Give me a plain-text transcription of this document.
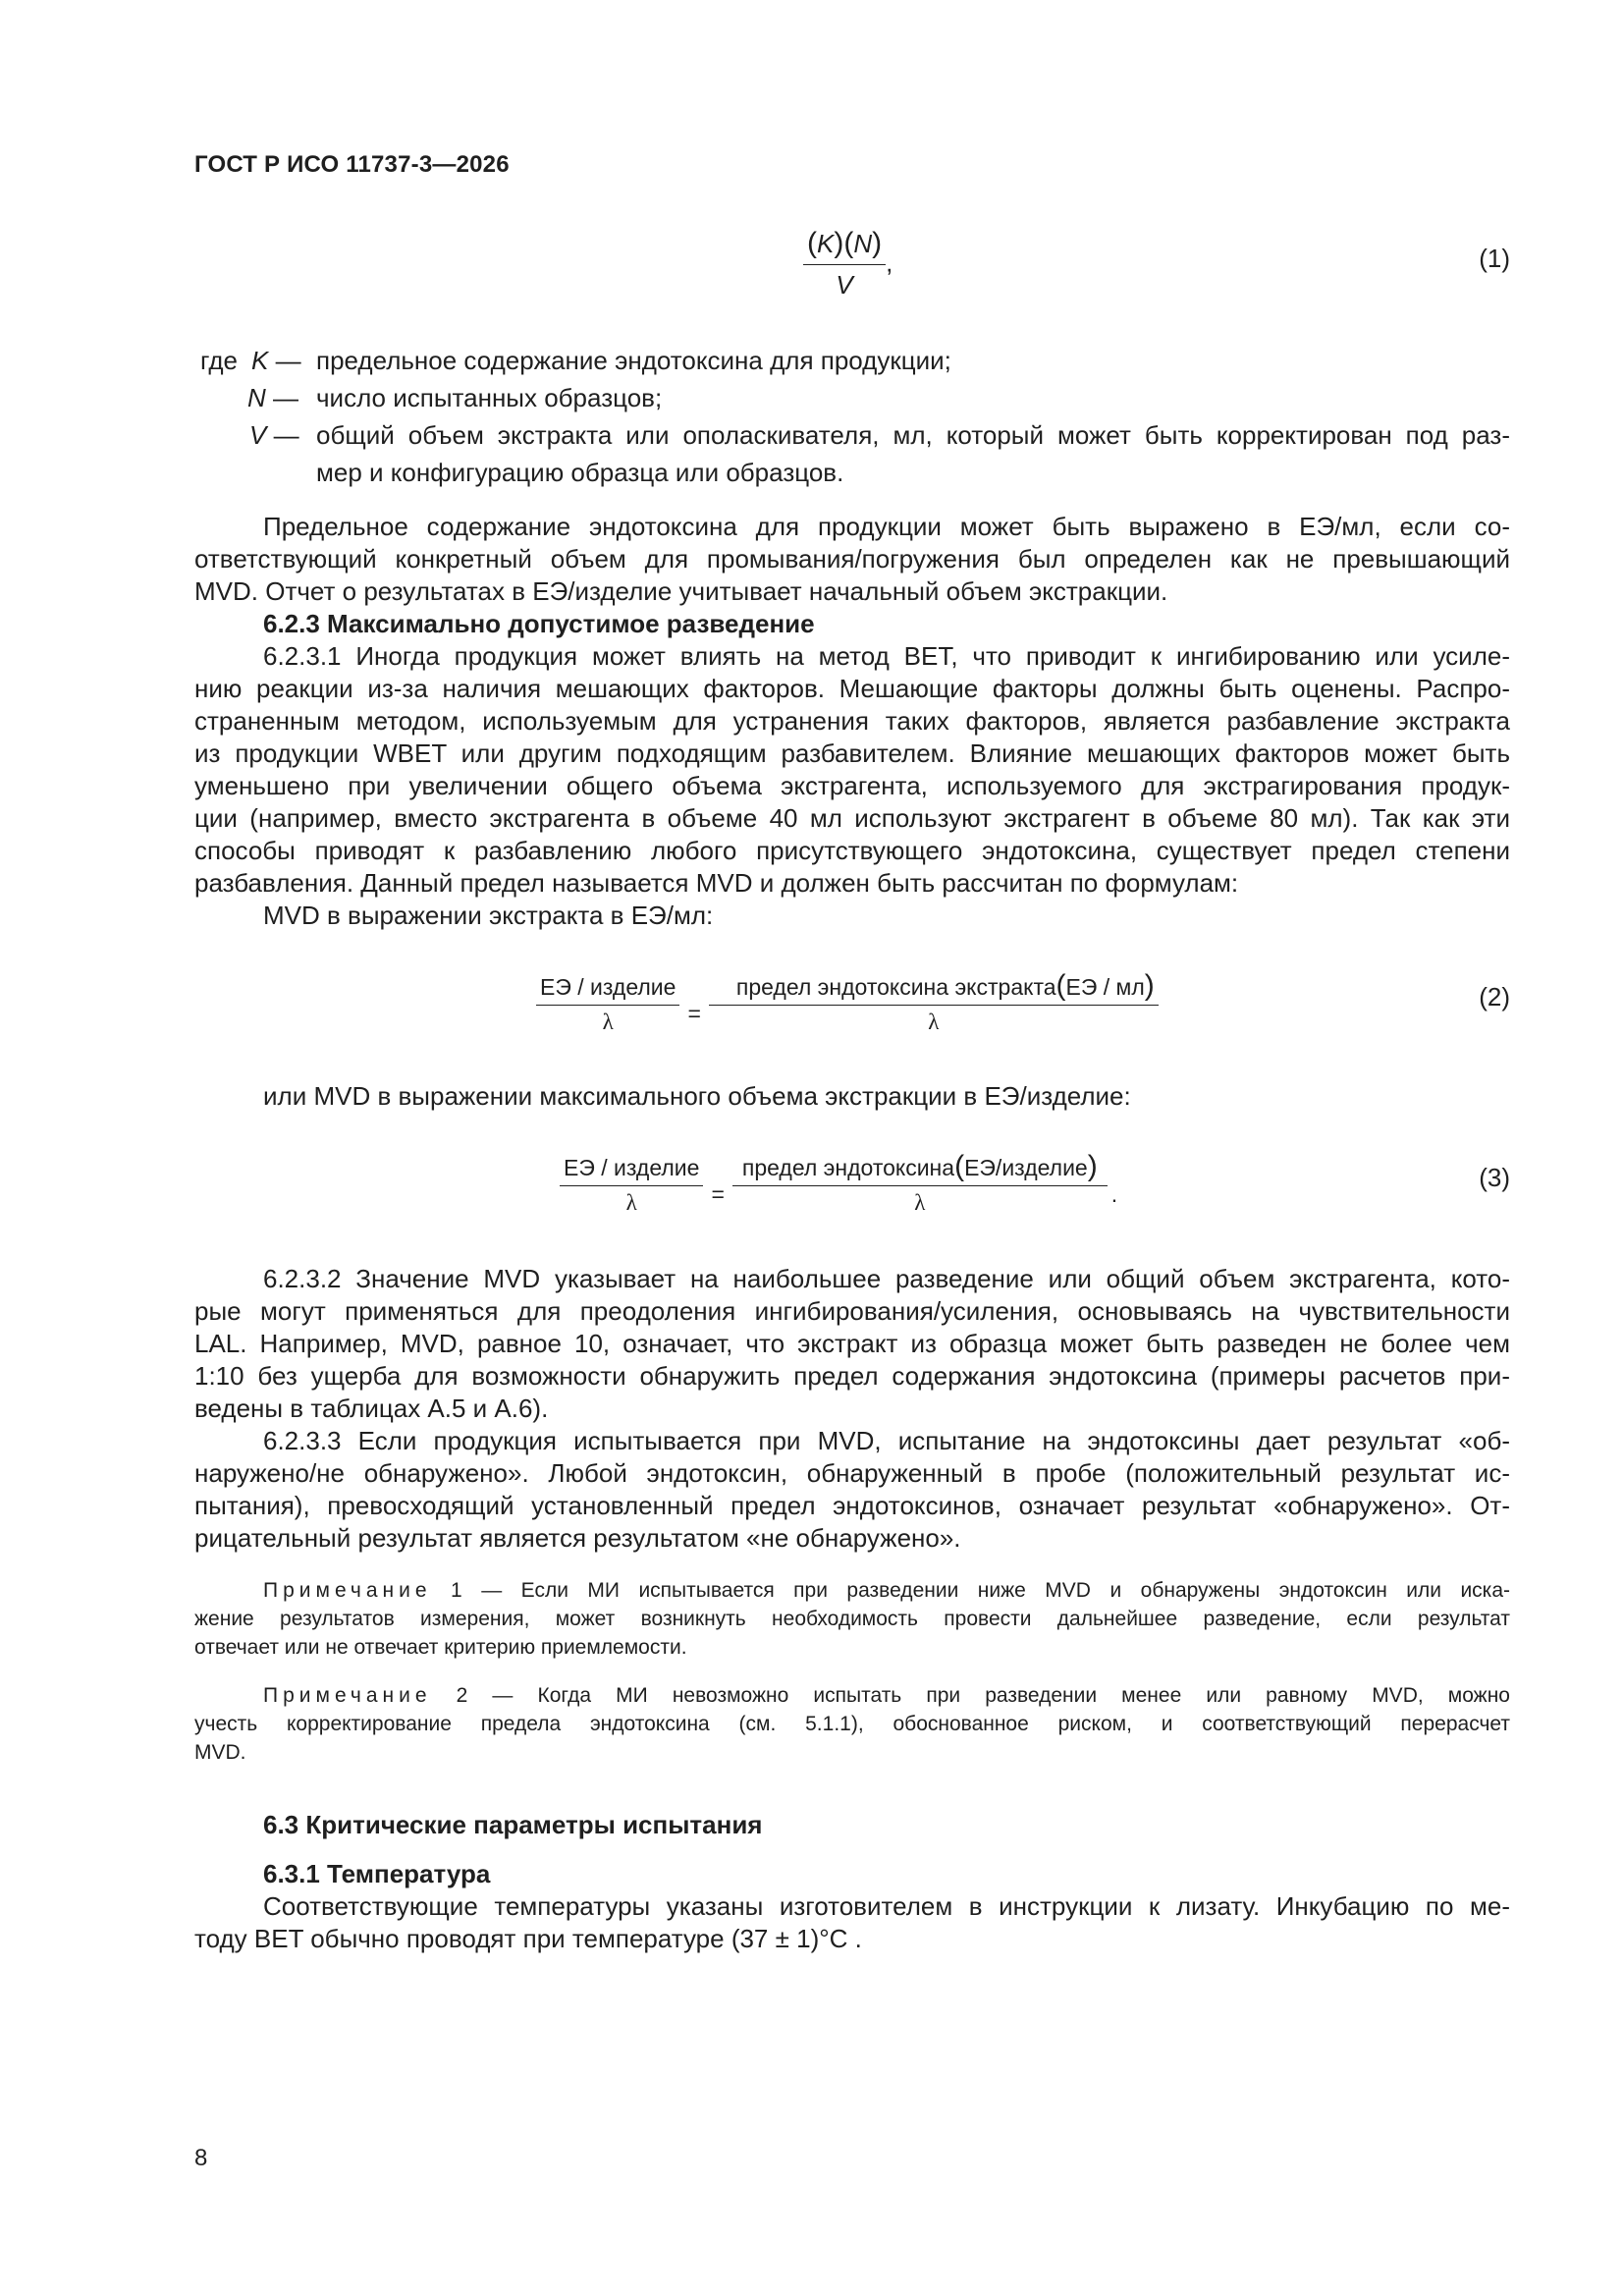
ГОСТ Р ИСО 11737-3—2026
$\frac{(K)(N)}{V}$ ,	(1)
где K — предельное содержание эндотоксина для продукции;
N — число испытанных образцов;
V — общий объем экстракта или ополаскивателя, мл, который может быть корректирован под раз-
мер и конфигурацию образца или образцов.
Предельное содержание эндотоксина для продукции может быть выражено в ЕЭ/мл, если со-
ответствующий конкретный объем для промывания/погружения был определен как не превышающий
MVD. Отчет о результатах в ЕЭ/изделие учитывает начальный объем экстракции.
6.2.3 Максимально допустимое разведение
6.2.3.1 Иногда продукция может влиять на метод BET, что приводит к ингибированию или усиле-
нию реакции из-за наличия мешающих факторов. Мешающие факторы должны быть оценены. Распро-
страненным методом, используемым для устранения таких факторов, является разбавление экстракта
из продукции WBET или другим подходящим разбавителем. Влияние мешающих факторов может быть
уменьшено при увеличении общего объема экстрагента, используемого для экстрагирования продук-
ции (например, вместо экстрагента в объеме 40 мл используют экстрагент в объеме 80 мл). Так как эти
способы приводят к разбавлению любого присутствующего эндотоксина, существует предел степени
разбавления. Данный предел называется MVD и должен быть рассчитан по формулам:
MVD в выражении экстракта в ЕЭ/мл:
$\frac{\text{ЕЭ / изделие}}{\lambda} = \frac{\text{предел эндотоксина экстракта(ЕЭ / мл)}}{\lambda}$	(2)
или MVD в выражении максимального объема экстракции в ЕЭ/изделие:
$\frac{\text{ЕЭ / изделие}}{\lambda} = \frac{\text{предел эндотоксина(ЕЭ/изделие)}}{\lambda}$ .
(3)
6.2.3.2 Значение MVD указывает на наибольшее разведение или общий объем экстрагента, кото-
рые могут применяться для преодоления ингибирования/усиления, основываясь на чувствительности
LAL. Например, MVD, равное 10, означает, что экстракт из образца может быть разведен не более чем
1:10 без ущерба для возможности обнаружить предел содержания эндотоксина (примеры расчетов при-
ведены в таблицах А.5 и А.6).
6.2.3.3 Если продукция испытывается при MVD, испытание на эндотоксины дает результат «об-
наружено/не обнаружено». Любой эндотоксин, обнаруженный в пробе (положительный результат ис-
пытания), превосходящий установленный предел эндотоксинов, означает результат «обнаружено». От-
рицательный результат является результатом «не обнаружено».
Примечание 1 — Если МИ испытывается при разведении ниже MVD и обнаружены эндотоксин или иска-
жение результатов измерения, может возникнуть необходимость провести дальнейшее разведение, если результат
отвечает или не отвечает критерию приемлемости.
Примечание 2 — Когда МИ невозможно испытать при разведении менее или равному MVD, можно
учесть корректирование предела эндотоксина (см. 5.1.1), обоснованное риском, и соответствующий перерасчет
MVD.
6.3 Критические параметры испытания
6.3.1 Температура
Соответствующие температуры указаны изготовителем в инструкции к лизату. Инкубацию по ме-
тоду BET обычно проводят при температуре (37 ± 1)°С .
8
